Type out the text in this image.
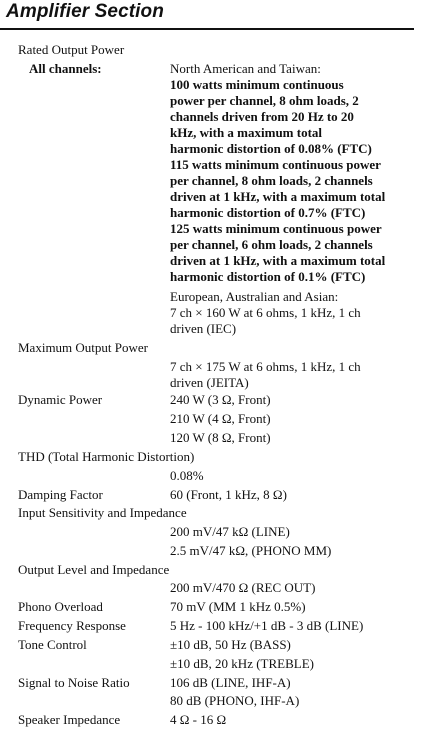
Amplifier Section
Rated Output Power
All channels:	North American and Taiwan:
100 watts minimum continuous
power per channel, 8 ohm loads, 2
channels driven from 20 Hz to 20
kHz, with a maximum total
harmonic distortion of 0.08% (FTC)
115 watts minimum continuous power
per channel, 8 ohm loads, 2 channels
driven at 1 kHz, with a maximum total
harmonic distortion of 0.7% (FTC)
125 watts minimum continuous power
per channel, 6 ohm loads, 2 channels
driven at 1 kHz, with a maximum total
harmonic distortion of 0.1% (FTC)
European, Australian and Asian:
7 ch × 160 W at 6 ohms, 1 kHz, 1 ch
driven (IEC)
Maximum Output Power
7 ch × 175 W at 6 ohms, 1 kHz, 1 ch
driven (JEITA)
Dynamic Power	240 W (3 Ω, Front)
210 W (4 Ω, Front)
120 W (8 Ω, Front)
THD (Total Harmonic Distortion)
0.08%
Damping Factor	60 (Front, 1 kHz, 8 Ω)
Input Sensitivity and Impedance
200 mV/47 kΩ (LINE)
2.5 mV/47 kΩ, (PHONO MM)
Output Level and Impedance
200 mV/470 Ω (REC OUT)
Phono Overload	70 mV (MM 1 kHz 0.5%)
Frequency Response	5 Hz - 100 kHz/+1 dB - 3 dB (LINE)
Tone Control	±10 dB, 50 Hz (BASS)
±10 dB, 20 kHz (TREBLE)
Signal to Noise Ratio	106 dB (LINE, IHF-A)
80 dB (PHONO, IHF-A)
Speaker Impedance	4 Ω - 16 Ω
